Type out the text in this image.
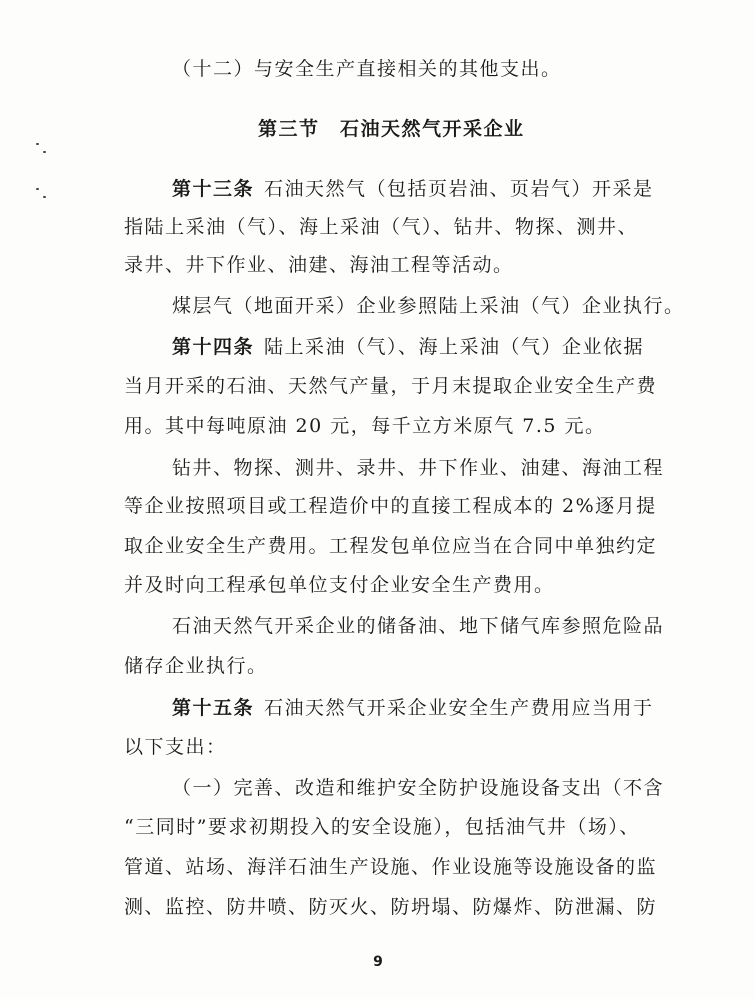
（十二）与安全生产直接相关的其他支出。
第三节　石油天然气开采企业
第十三条 石油天然气（包括页岩油、页岩气）开采是
指陆上采油（气）、海上采油（气）、钻井、物探、测井、
录井、井下作业、油建、海油工程等活动。
煤层气（地面开采）企业参照陆上采油（气）企业执行。
第十四条 陆上采油（气）、海上采油（气）企业依据
当月开采的石油、天然气产量，于月末提取企业安全生产费
用。其中每吨原油 20 元，每千立方米原气 7.5 元。
钻井、物探、测井、录井、井下作业、油建、海油工程
等企业按照项目或工程造价中的直接工程成本的 2%逐月提
取企业安全生产费用。工程发包单位应当在合同中单独约定
并及时向工程承包单位支付企业安全生产费用。
石油天然气开采企业的储备油、地下储气库参照危险品
储存企业执行。
第十五条 石油天然气开采企业安全生产费用应当用于
以下支出：
（一）完善、改造和维护安全防护设施设备支出（不含
“三同时”要求初期投入的安全设施），包括油气井（场）、
管道、站场、海洋石油生产设施、作业设施等设施设备的监
测、监控、防井喷、防灭火、防坍塌、防爆炸、防泄漏、防
9
